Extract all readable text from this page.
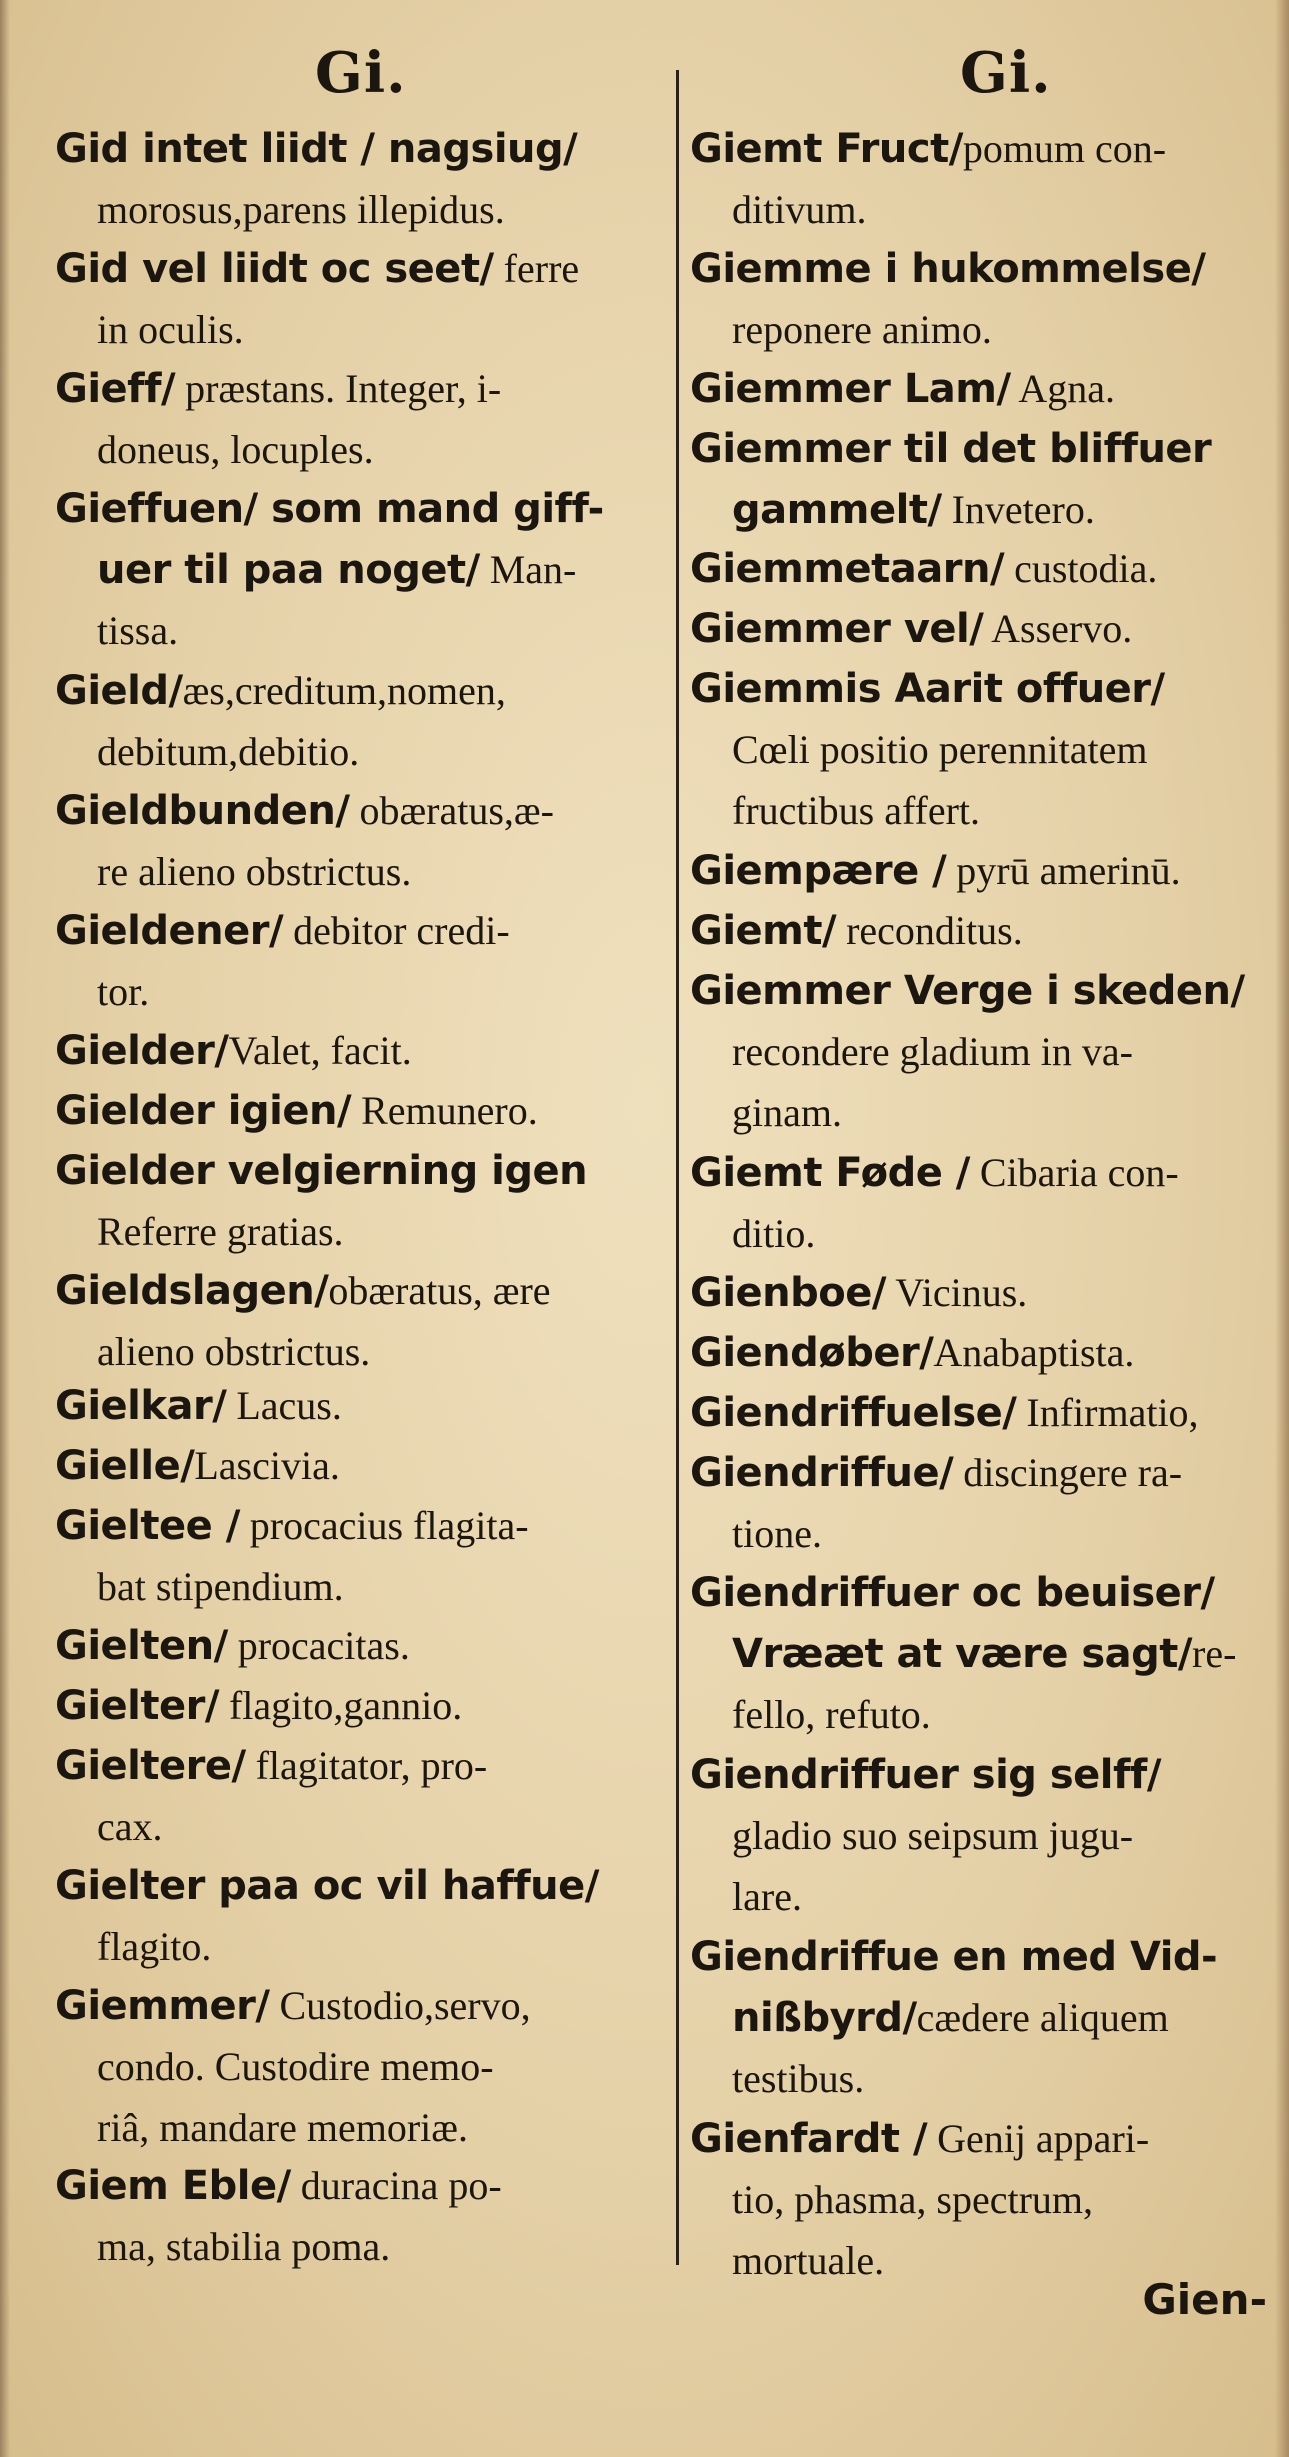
Gi.	Gi.
Gid intet liidt / nagsiug/
morosus,parens illepidus.
Gid vel liidt oc seet/ ferre
in oculis.
Gieff/ præstans. Integer, i-
doneus, locuples.
Gieffuen/ som mand giff-
uer til paa noget/ Man-
tissa.
Gield/æs,creditum,nomen,
debitum,debitio.
Gieldbunden/ obæratus,æ-
re alieno obstrictus.
Gieldener/ debitor credi-
tor.
Gielder/Valet, facit.
Gielder igien/ Remunero.
Gielder velgierning igen
Referre gratias.
Gieldslagen/obæratus, ære
alieno obstrictus.
Gielkar/ Lacus.
Gielle/Lascivia.
Gieltee / procacius flagita-
bat stipendium.
Gielten/ procacitas.
Gielter/ flagito,gannio.
Gieltere/ flagitator, pro-
cax.
Gielter paa oc vil haffue/
flagito.
Giemmer/ Custodio,servo,
condo. Custodire memo-
riâ, mandare memoriæ.
Giem Eble/ duracina po-
ma, stabilia poma.
Giemt Fruct/pomum con-
ditivum.
Giemme i hukommelse/
reponere animo.
Giemmer Lam/ Agna.
Giemmer til det bliffuer
gammelt/ Invetero.
Giemmetaarn/ custodia.
Giemmer vel/ Asservo.
Giemmis Aarit offuer/
Cœli positio perennitatem
fructibus affert.
Giempære / pyrū amerinū.
Giemt/ reconditus.
Giemmer Verge i skeden/
recondere gladium in va-
ginam.
Giemt Føde / Cibaria con-
ditio.
Gienboe/ Vicinus.
Giendøber/Anabaptista.
Giendriffuelse/ Infirmatio,
Giendriffue/ discingere ra-
tione.
Giendriffuer oc beuiser/
Vrææt at være sagt/re-
fello, refuto.
Giendriffuer sig selff/
gladio suo seipsum jugu-
lare.
Giendriffue en med Vid-
nißbyrd/cædere aliquem
testibus.
Gienfardt / Genij appari-
tio, phasma, spectrum,
mortuale.
Gien-
